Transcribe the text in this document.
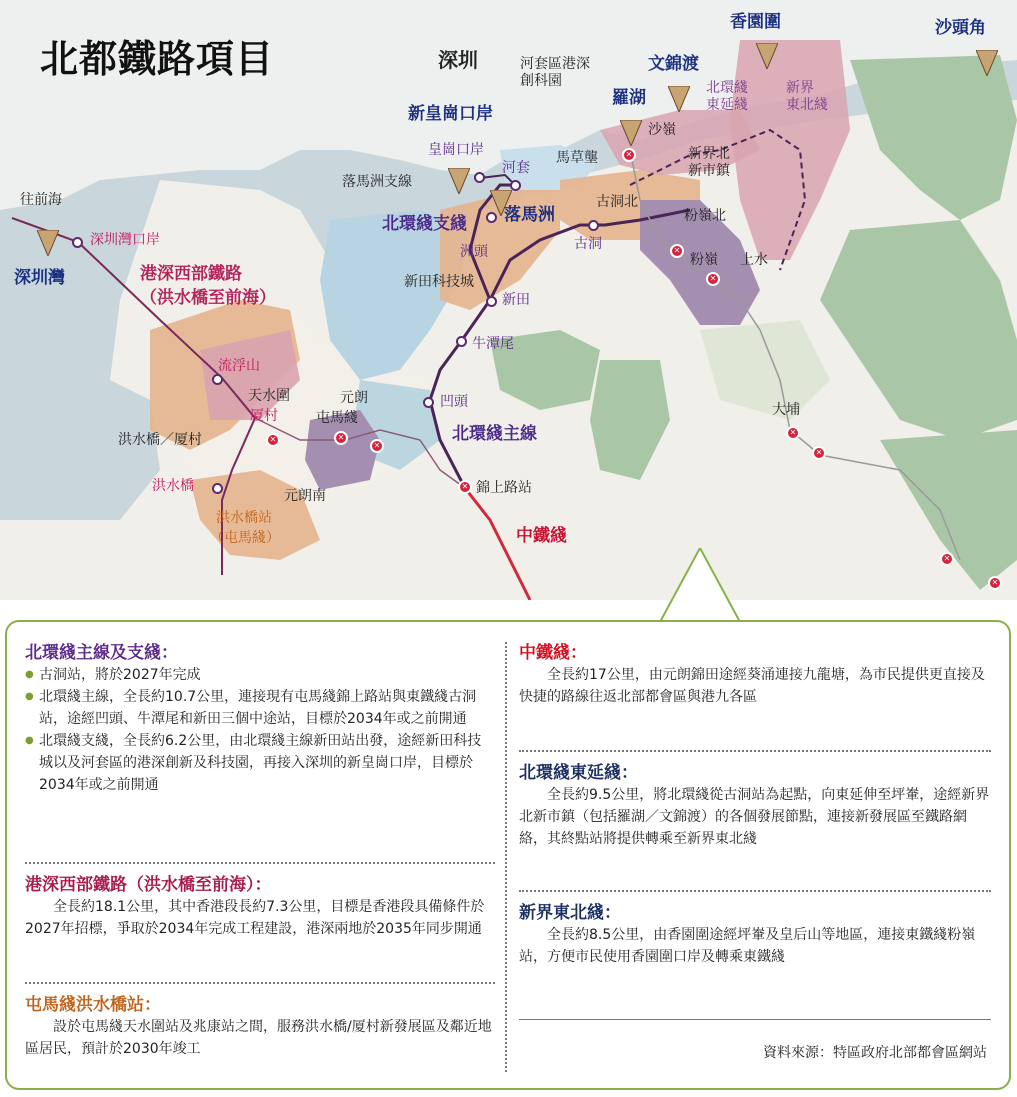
北都鐵路項目
✕	✕
✕
✕
✕
✕
✕
✕
✕
✕
✕
深圳	河套區港深
創科園
文錦渡
香園圍	沙頭角
羅湖
新皇崗口岸
皇崗口岸
河套
馬草壟
沙嶺
落馬洲支線
落馬洲
北環綫支綫
古洞北
古洞
新界北
新市鎮
北環綫
東延綫
新界
東北綫
粉嶺北
粉嶺 上水
洲頭
新田科技城
新田
牛潭尾
凹頭
北環綫主線
錦上路站
中鐵綫
大埔
往前海
深圳灣口岸
深圳灣	港深西部鐵路
（洪水橋至前海）
流浮山
天水圍
厦村
元朗
屯馬綫
洪水橋／厦村
洪水橋
元朗南
洪水橋站
（屯馬綫）

北環綫主線及支綫：

● 古洞站，將於2027年完成

● 北環綫主線，全長約10.7公里，連接現有屯馬綫錦上路站與東鐵綫古洞站，途經凹頭、牛潭尾和新田三個中途站，目標於2034年或之前開通

● 北環綫支綫，全長約6.2公里，由北環綫主線新田站出發，途經新田科技城以及河套區的港深創新及科技園，再接入深圳的新皇崗口岸，目標於2034年或之前開通

港深西部鐵路（洪水橋至前海）：

全長約18.1公里，其中香港段長約7.3公里，目標是香港段具備條件於2027年招標，爭取於2034年完成工程建設，港深兩地於2035年同步開通

屯馬綫洪水橋站：

設於屯馬綫天水圍站及兆康站之間，服務洪水橋/厦村新發展區及鄰近地區居民，預計於2030年竣工

中鐵綫：

全長約17公里，由元朗錦田途經葵涌連接九龍塘，為市民提供更直接及快捷的路線往返北部都會區與港九各區

北環綫東延綫：

全長約9.5公里，將北環綫從古洞站為起點，向東延伸至坪輋，途經新界北新市鎮（包括羅湖／文錦渡）的各個發展節點，連接新發展區至鐵路網絡，其終點站將提供轉乘至新界東北綫

新界東北綫：

全長約8.5公里，由香園圍途經坪輋及皇后山等地區，連接東鐵綫粉嶺站，方便市民使用香園圍口岸及轉乘東鐵綫

資料來源：特區政府北部都會區網站
